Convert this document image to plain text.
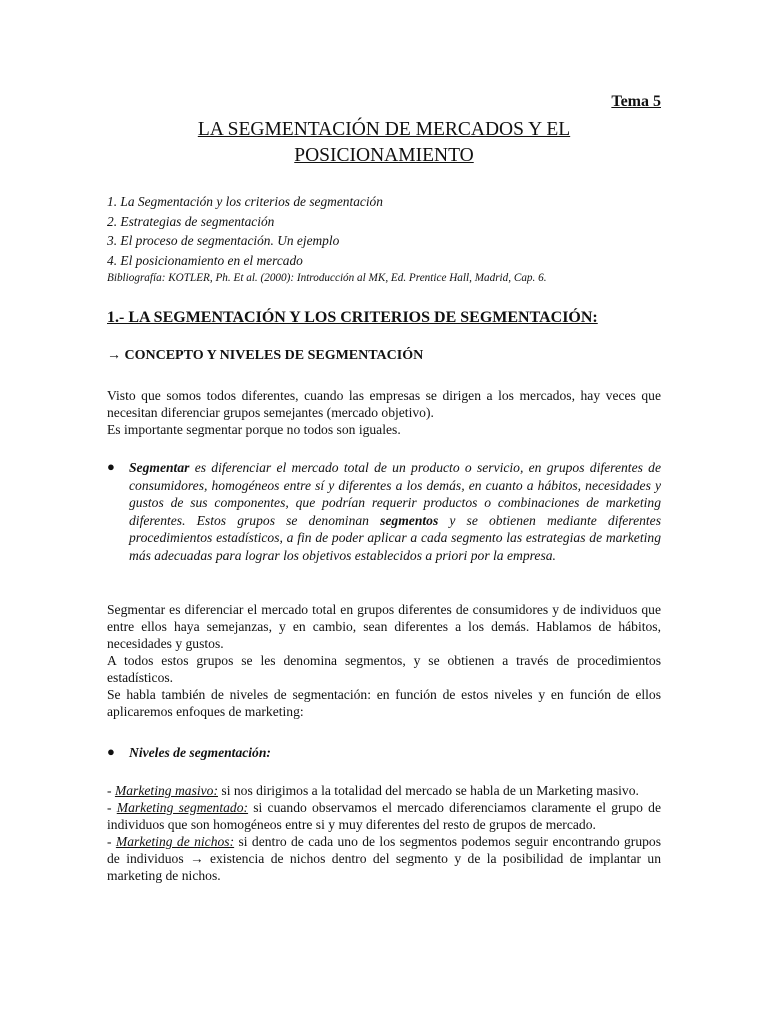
Tema 5
LA SEGMENTACIÓN DE MERCADOS Y EL
POSICIONAMIENTO
1. La Segmentación y los criterios de segmentación
2. Estrategias de segmentación
3. El proceso de segmentación. Un ejemplo
4. El posicionamiento en el mercado
Bibliografía: KOTLER, Ph. Et al. (2000): Introducción al MK, Ed. Prentice Hall, Madrid, Cap. 6.
1.- LA SEGMENTACIÓN Y LOS CRITERIOS DE SEGMENTACIÓN:
→ CONCEPTO Y NIVELES DE SEGMENTACIÓN
Visto que somos todos diferentes, cuando las empresas se dirigen a los mercados, hay veces que necesitan diferenciar grupos semejantes (mercado objetivo).
Es importante segmentar porque no todos son iguales.
● Segmentar es diferenciar el mercado total de un producto o servicio, en grupos diferentes de consumidores, homogéneos entre sí y diferentes a los demás, en cuanto a hábitos, necesidades y gustos de sus componentes, que podrían requerir productos o combinaciones de marketing diferentes. Estos grupos se denominan segmentos y se obtienen mediante diferentes procedimientos estadísticos, a fin de poder aplicar a cada segmento las estrategias de marketing más adecuadas para lograr los objetivos establecidos a priori por la empresa.
Segmentar es diferenciar el mercado total en grupos diferentes de consumidores y de individuos que entre ellos haya semejanzas, y en cambio, sean diferentes a los demás. Hablamos de hábitos, necesidades y gustos.
A todos estos grupos se les denomina segmentos, y se obtienen a través de procedimientos estadísticos.
Se habla también de niveles de segmentación: en función de estos niveles y en función de ellos aplicaremos enfoques de marketing:
● Niveles de segmentación:
- Marketing masivo: si nos dirigimos a la totalidad del mercado se habla de un Marketing masivo.
- Marketing segmentado: si cuando observamos el mercado diferenciamos claramente el grupo de individuos que son homogéneos entre si y muy diferentes del resto de grupos de mercado.
- Marketing de nichos: si dentro de cada uno de los segmentos podemos seguir encontrando grupos de individuos → existencia de nichos dentro del segmento y de la posibilidad de implantar un marketing de nichos.
